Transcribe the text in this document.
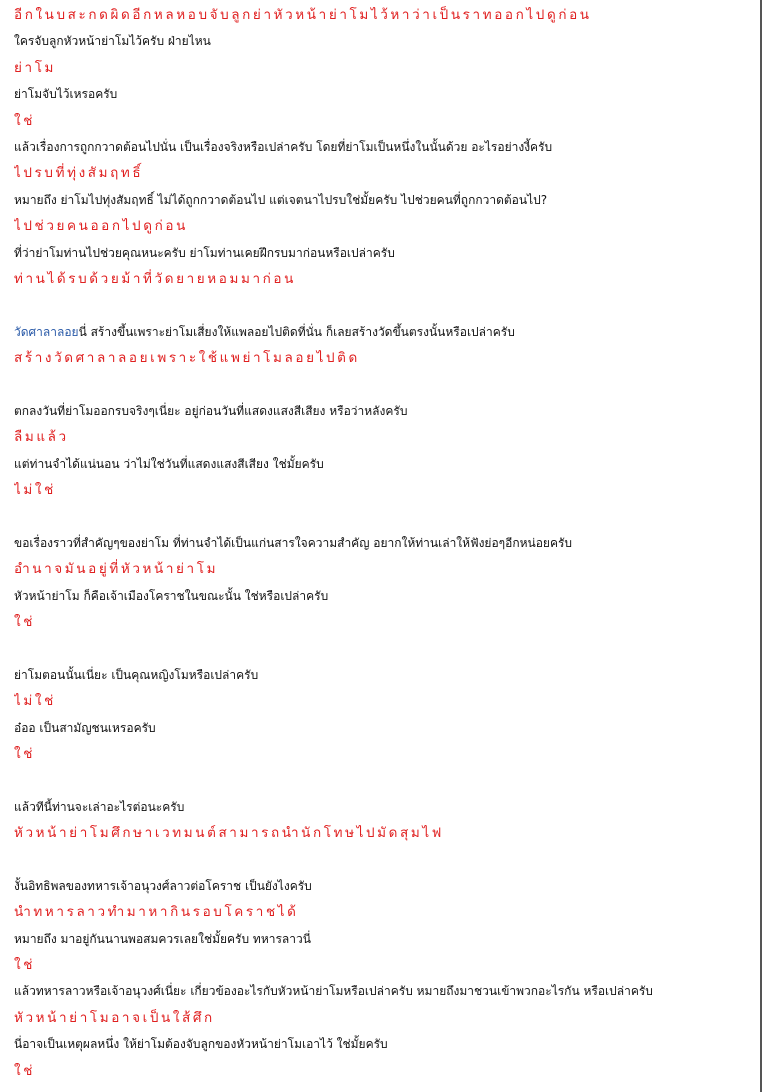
อีกในบสะกดผิดอีกหลหอบจับลูกย่าหัวหน้าย่าโมไว้หาว่าเป็นราทออกไปดูก่อน
ใครจับลูกหัวหน้าย่าโมไว้ครับ ฝ่ายไหน
ย่าโม
ย่าโมจับไว้เหรอครับ
ใช่
แล้วเรื่องการถูกกวาดต้อนไปนั่น เป็นเรื่องจริงหรือเปล่าครับ โดยที่ย่าโมเป็นหนึ่งในนั้นด้วย อะไรอย่างงี้ครับ
ไปรบที่ทุ่งสัมฤทธิ์
หมายถึง ย่าโมไปทุ่งสัมฤทธิ์ ไม่ได้ถูกกวาดต้อนไป แต่เจตนาไปรบใช่มั้ยครับ ไปช่วยคนที่ถูกกวาดต้อนไป?
ไปช่วยคนออกไปดูก่อน
ที่ว่าย่าโมท่านไปช่วยคุณหนะครับ ย่าโมท่านเคยฝึกรบมาก่อนหรือเปล่าครับ
ท่านได้รบด้วยม้าที่วัดยายหอมมาก่อน
วัดศาลาลอยนี่ สร้างขึ้นเพราะย่าโมเสี่ยงให้แพลอยไปติดที่นั่น ก็เลยสร้างวัดขึ้นตรงนั้นหรือเปล่าครับ
สร้างวัดศาลาลอยเพราะใช้แพย่าโมลอยไปติด
ตกลงวันที่ย่าโมออกรบจริงๆเนี่ยะ อยู่ก่อนวันที่แสดงแสงสีเสียง หรือว่าหลังครับ
ลืมแล้ว
แต่ท่านจำได้แน่นอน ว่าไม่ใช่วันที่แสดงแสงสีเสียง ใช่มั้ยครับ
ไม่ใช่
ขอเรื่องราวที่สำคัญๆของย่าโม ที่ท่านจำได้เป็นแก่นสารใจความสำคัญ อยากให้ท่านเล่าให้ฟังย่อๆอีกหน่อยครับ
อำนาจมันอยู่ที่หัวหน้าย่าโม
หัวหน้าย่าโม ก็คือเจ้าเมืองโคราชในขณะนั้น ใช่หรือเปล่าครับ
ใช่
ย่าโมตอนนั้นเนี่ยะ เป็นคุณหญิงโมหรือเปล่าครับ
ไม่ใช่
อ๋ออ เป็นสามัญชนเหรอครับ
ใช่
แล้วทีนี้ท่านจะเล่าอะไรต่อนะครับ
หัวหน้าย่าโมศึกษาเวทมนต์สามารถนำนักโทษไปมัดสุมไฟ
งั้นอิทธิพลของทหารเจ้าอนุวงศ์ลาวต่อโคราช เป็นยังไงครับ
นำทหารลาวทำมาหากินรอบโคราชได้
หมายถึง มาอยู่กันนานพอสมควรเลยใช่มั้ยครับ ทหารลาวนี่
ใช่
แล้วทหารลาวหรือเจ้าอนุวงศ์เนี่ยะ เกี่ยวข้องอะไรกับหัวหน้าย่าโมหรือเปล่าครับ หมายถึงมาชวนเข้าพวกอะไรกัน หรือเปล่าครับ
หัวหน้าย่าโมอาจเป็นใส้ศึก
นี่อาจเป็นเหตุผลหนึ่ง ให้ย่าโมต้องจับลูกของหัวหน้าย่าโมเอาไว้ ใช่มั้ยครับ
ใช่
